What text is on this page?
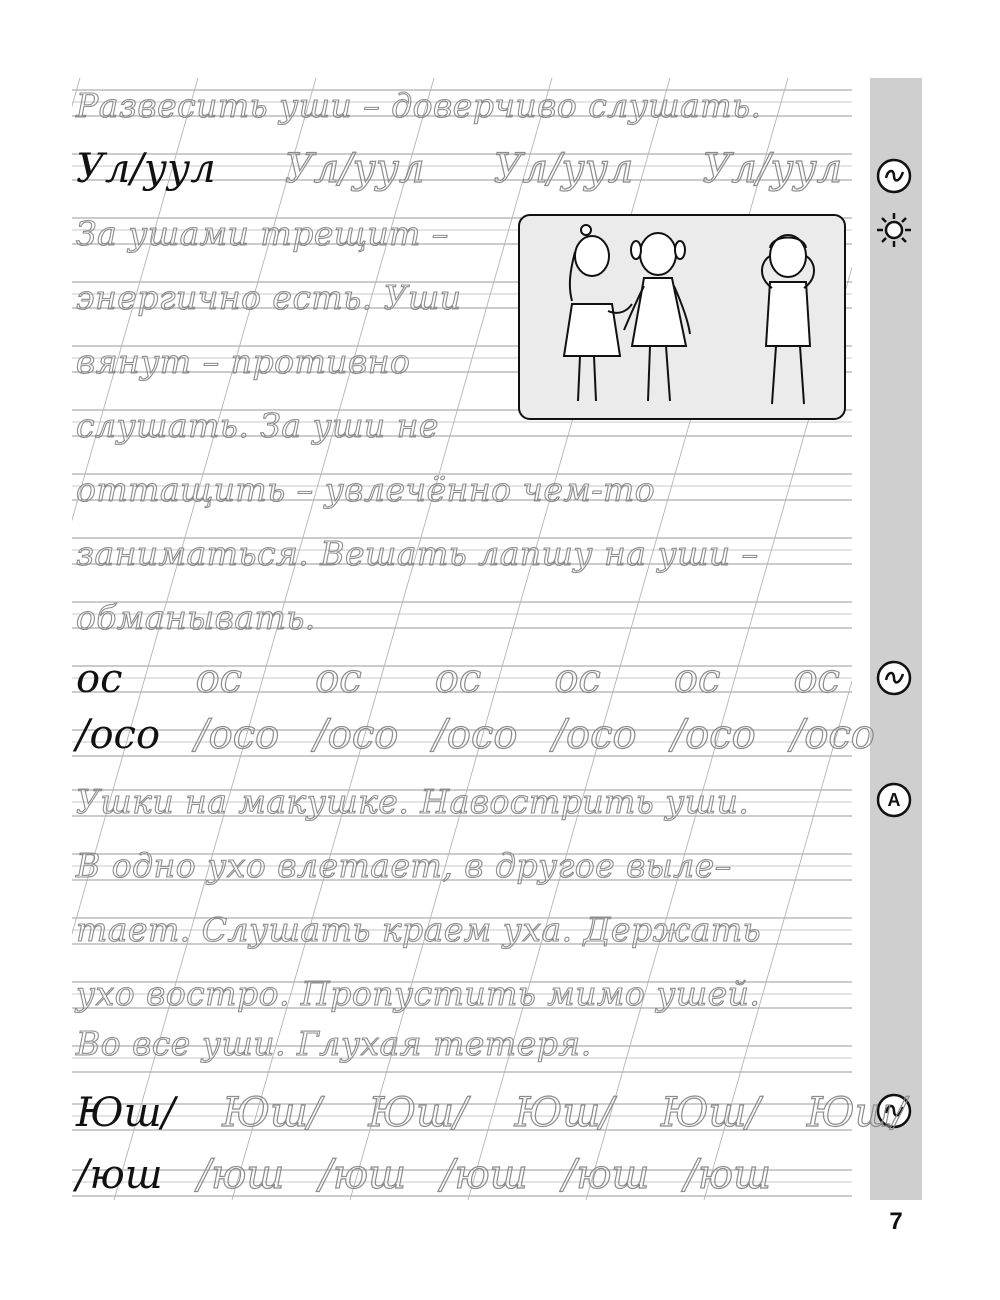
А
7

Развесить уши – доверчиво слушать.

Ул/уул Ул/уул Ул/уул Ул/уул

За ушами трещит –

энергично есть. Уши

вянут – противно

слушать. За уши не

оттащить – увлечённо чем-то

заниматься. Вешать лапшу на уши –

обманывать.

ос ос ос ос ос ос ос
/осо /осо /осо /осо /осо /осо /осо

Ушки на макушке. Навострить уши.

В одно ухо влетает, в другое выле–

тает. Слушать краем уха. Держать

ухо востро. Пропустить мимо ушей.

Во все уши. Глухая тетеря.

Юш/ Юш/ Юш/ Юш/ Юш/ Юш/
/юш /юш /юш /юш /юш /юш
